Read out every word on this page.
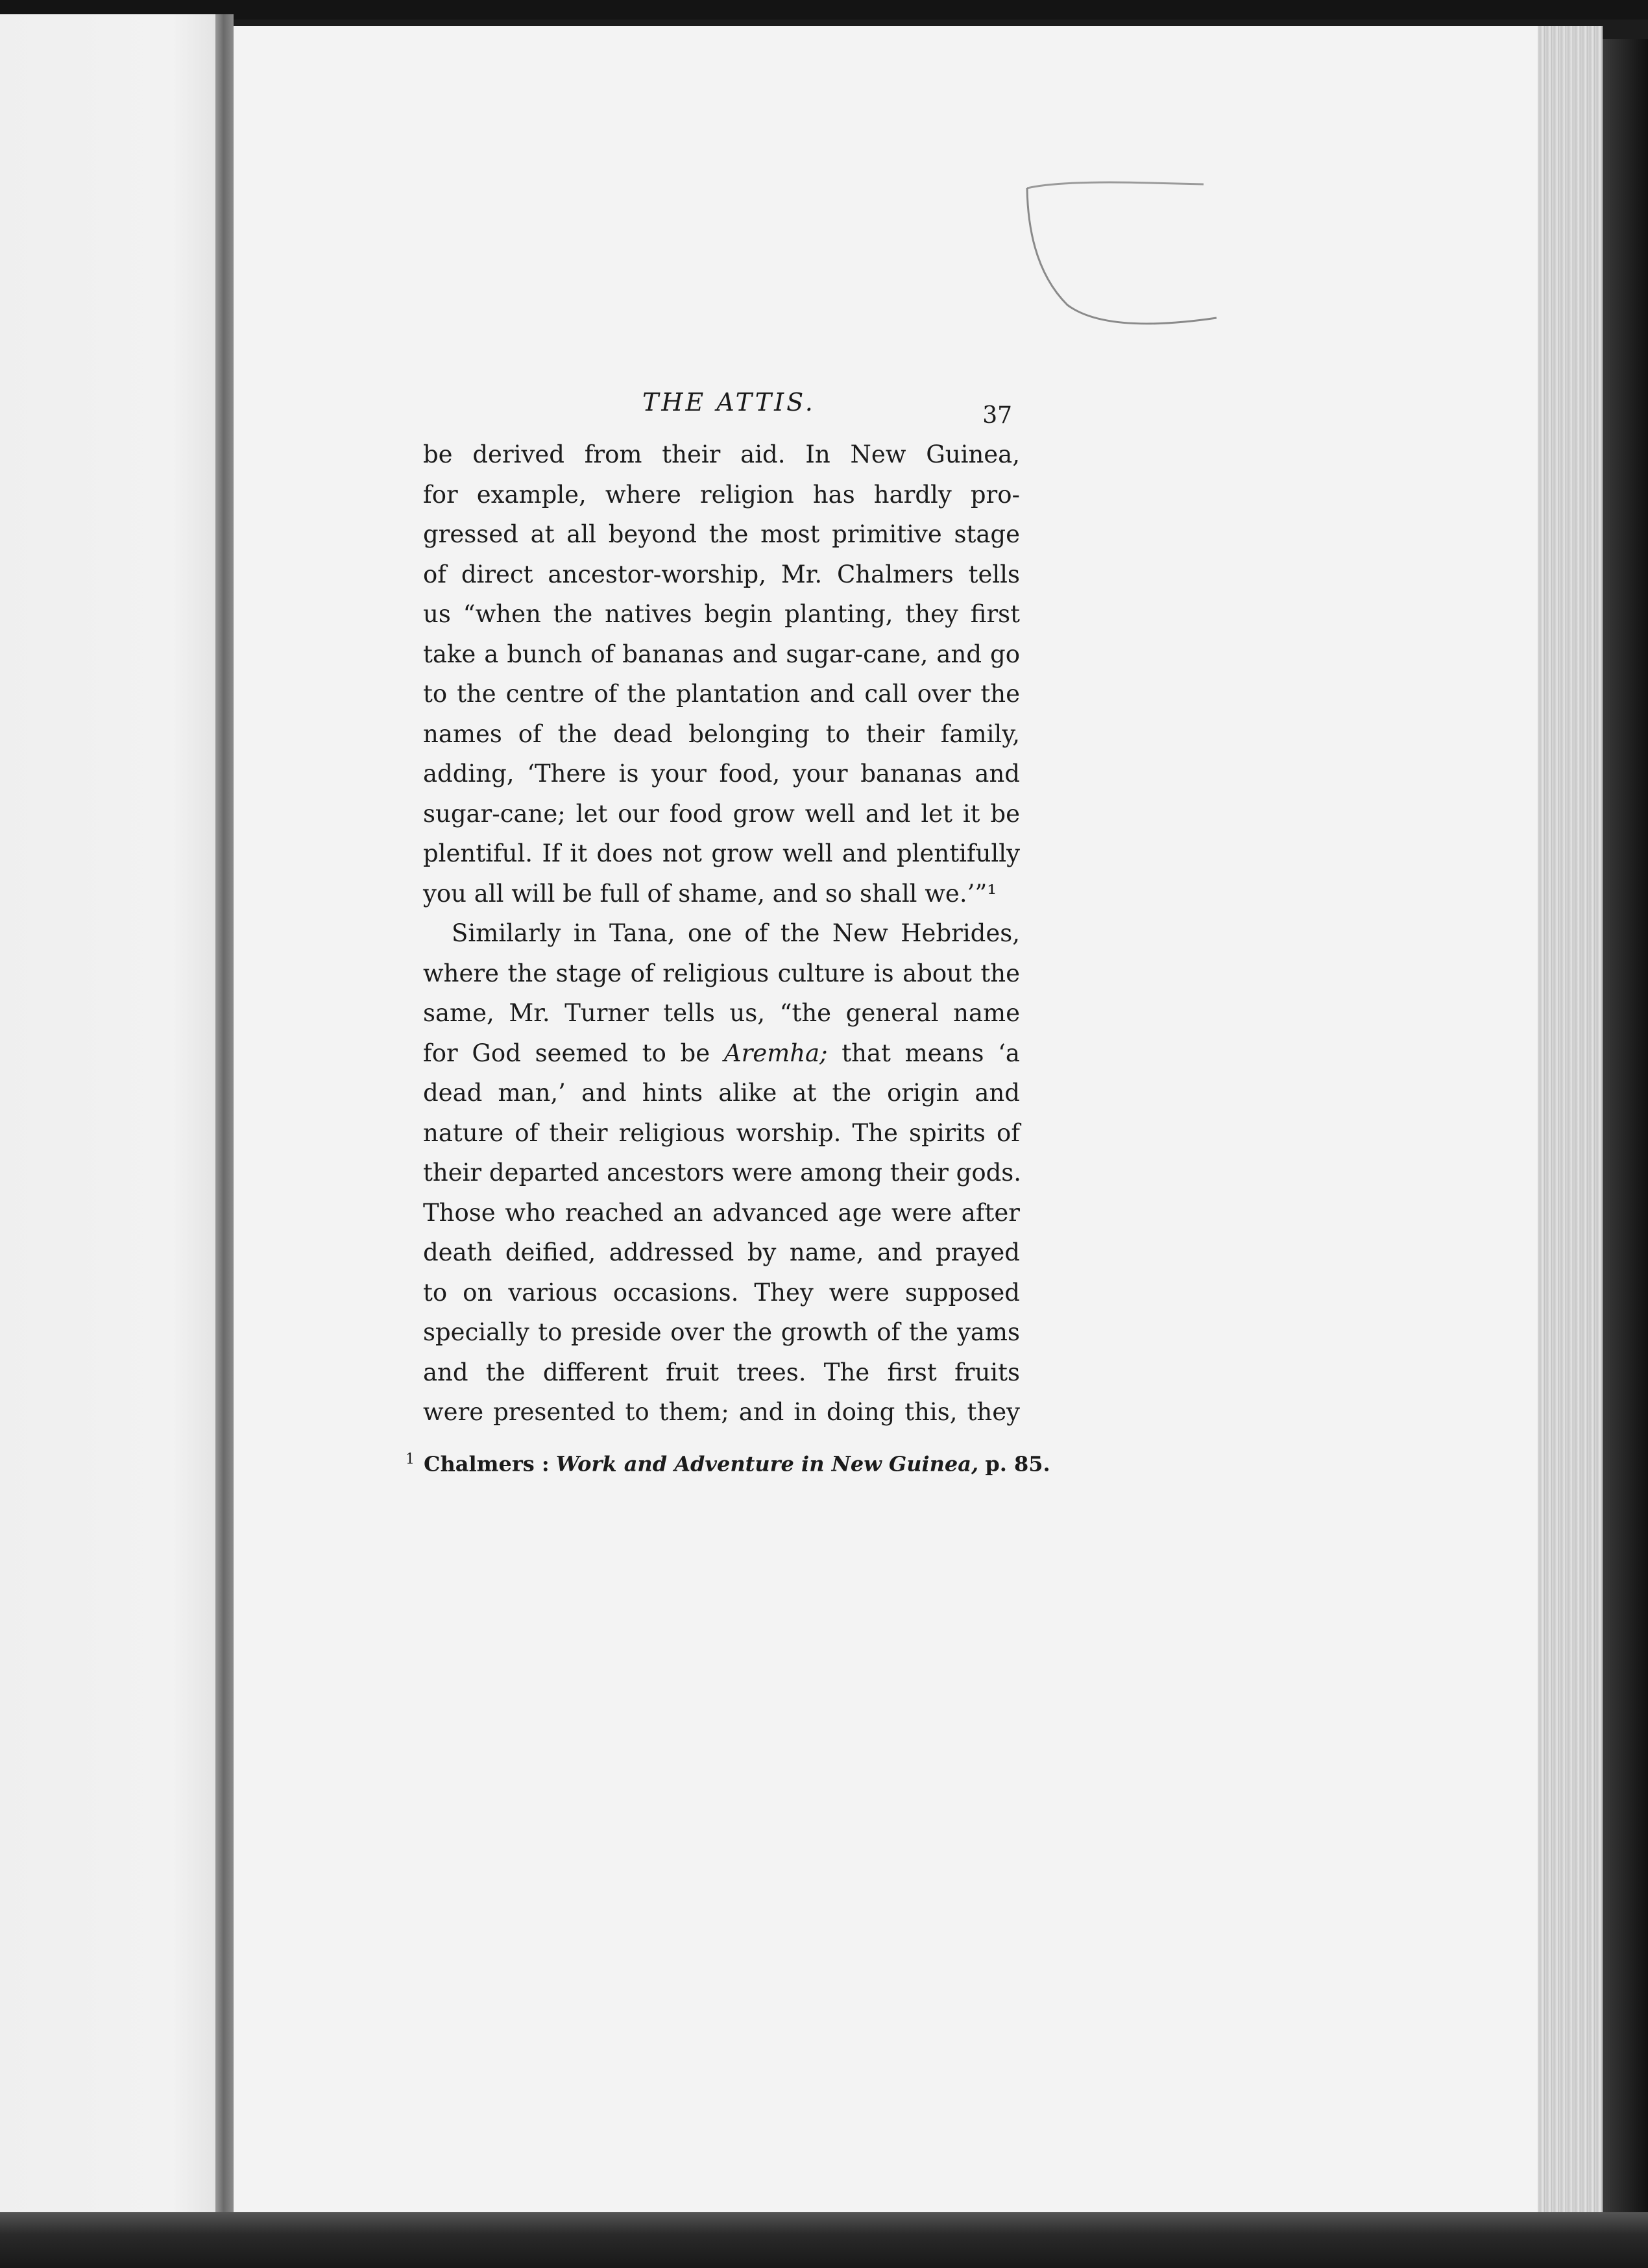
THE ATTIS.	37
be derived from their aid. In New Guinea,
for example, where religion has hardly pro-
gressed at all beyond the most primitive stage
of direct ancestor-worship, Mr. Chalmers tells
us “when the natives begin planting, they first
take a bunch of bananas and sugar-cane, and go
to the centre of the plantation and call over the
names of the dead belonging to their family,
adding, ‘There is your food, your bananas and
sugar-cane; let our food grow well and let it be
plentiful. If it does not grow well and plentifully
you all will be full of shame, and so shall we.’”¹
Similarly in Tana, one of the New Hebrides,
where the stage of religious culture is about the
same, Mr. Turner tells us, “the general name
for God seemed to be Aremha; that means ‘a
dead man,’ and hints alike at the origin and
nature of their religious worship. The spirits of
their departed ancestors were among their gods.
Those who reached an advanced age were after
death deified, addressed by name, and prayed
to on various occasions. They were supposed
specially to preside over the growth of the yams
and the different fruit trees. The first fruits
were presented to them; and in doing this, they
$^1$ Chalmers : Work and Adventure in New Guinea, p. 85.
